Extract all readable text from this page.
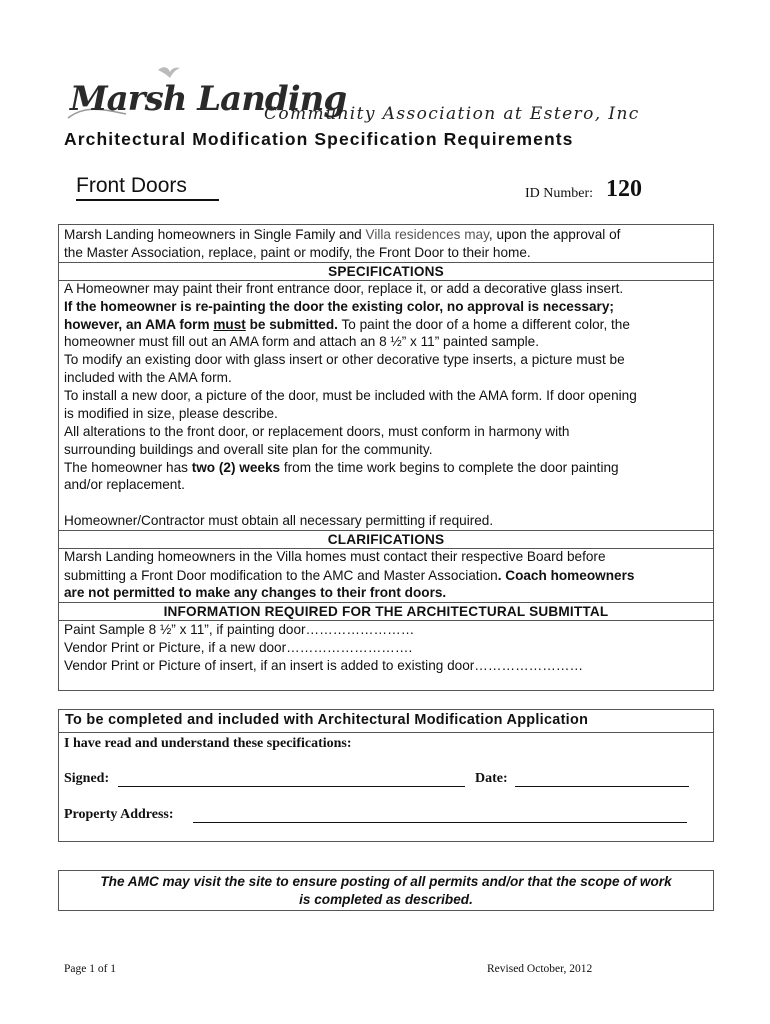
Marsh Landing
Community Association at Estero, Inc
Architectural Modification Specification Requirements
Front Doors	ID Number: 120
Marsh Landing homeowners in Single Family and Villa residences may, upon the approval of
the Master Association, replace, paint or modify, the Front Door to their home.
SPECIFICATIONS
A Homeowner may paint their front entrance door, replace it, or add a decorative glass insert.
If the homeowner is re-painting the door the existing color, no approval is necessary;
however, an AMA form must be submitted. To paint the door of a home a different color, the
homeowner must fill out an AMA form and attach an 8 ½” x 11” painted sample.
To modify an existing door with glass insert or other decorative type inserts, a picture must be
included with the AMA form.
To install a new door, a picture of the door, must be included with the AMA form. If door opening
is modified in size, please describe.
All alterations to the front door, or replacement doors, must conform in harmony with
surrounding buildings and overall site plan for the community.
The homeowner has two (2) weeks from the time work begins to complete the door painting
and/or replacement.
Homeowner/Contractor must obtain all necessary permitting if required.
CLARIFICATIONS
Marsh Landing homeowners in the Villa homes must contact their respective Board before
submitting a Front Door modification to the AMC and Master Association. Coach homeowners
are not permitted to make any changes to their front doors.
INFORMATION REQUIRED FOR THE ARCHITECTURAL SUBMITTAL
Paint Sample 8 ½” x 11”, if painting door……………………
Vendor Print or Picture, if a new door……………………….
Vendor Print or Picture of insert, if an insert is added to existing door……………………
To be completed and included with Architectural Modification Application
I have read and understand these specifications:
Signed:	Date:
Property Address:
The AMC may visit the site to ensure posting of all permits and/or that the scope of work
is completed as described.
Page 1 of 1	Revised October, 2012
